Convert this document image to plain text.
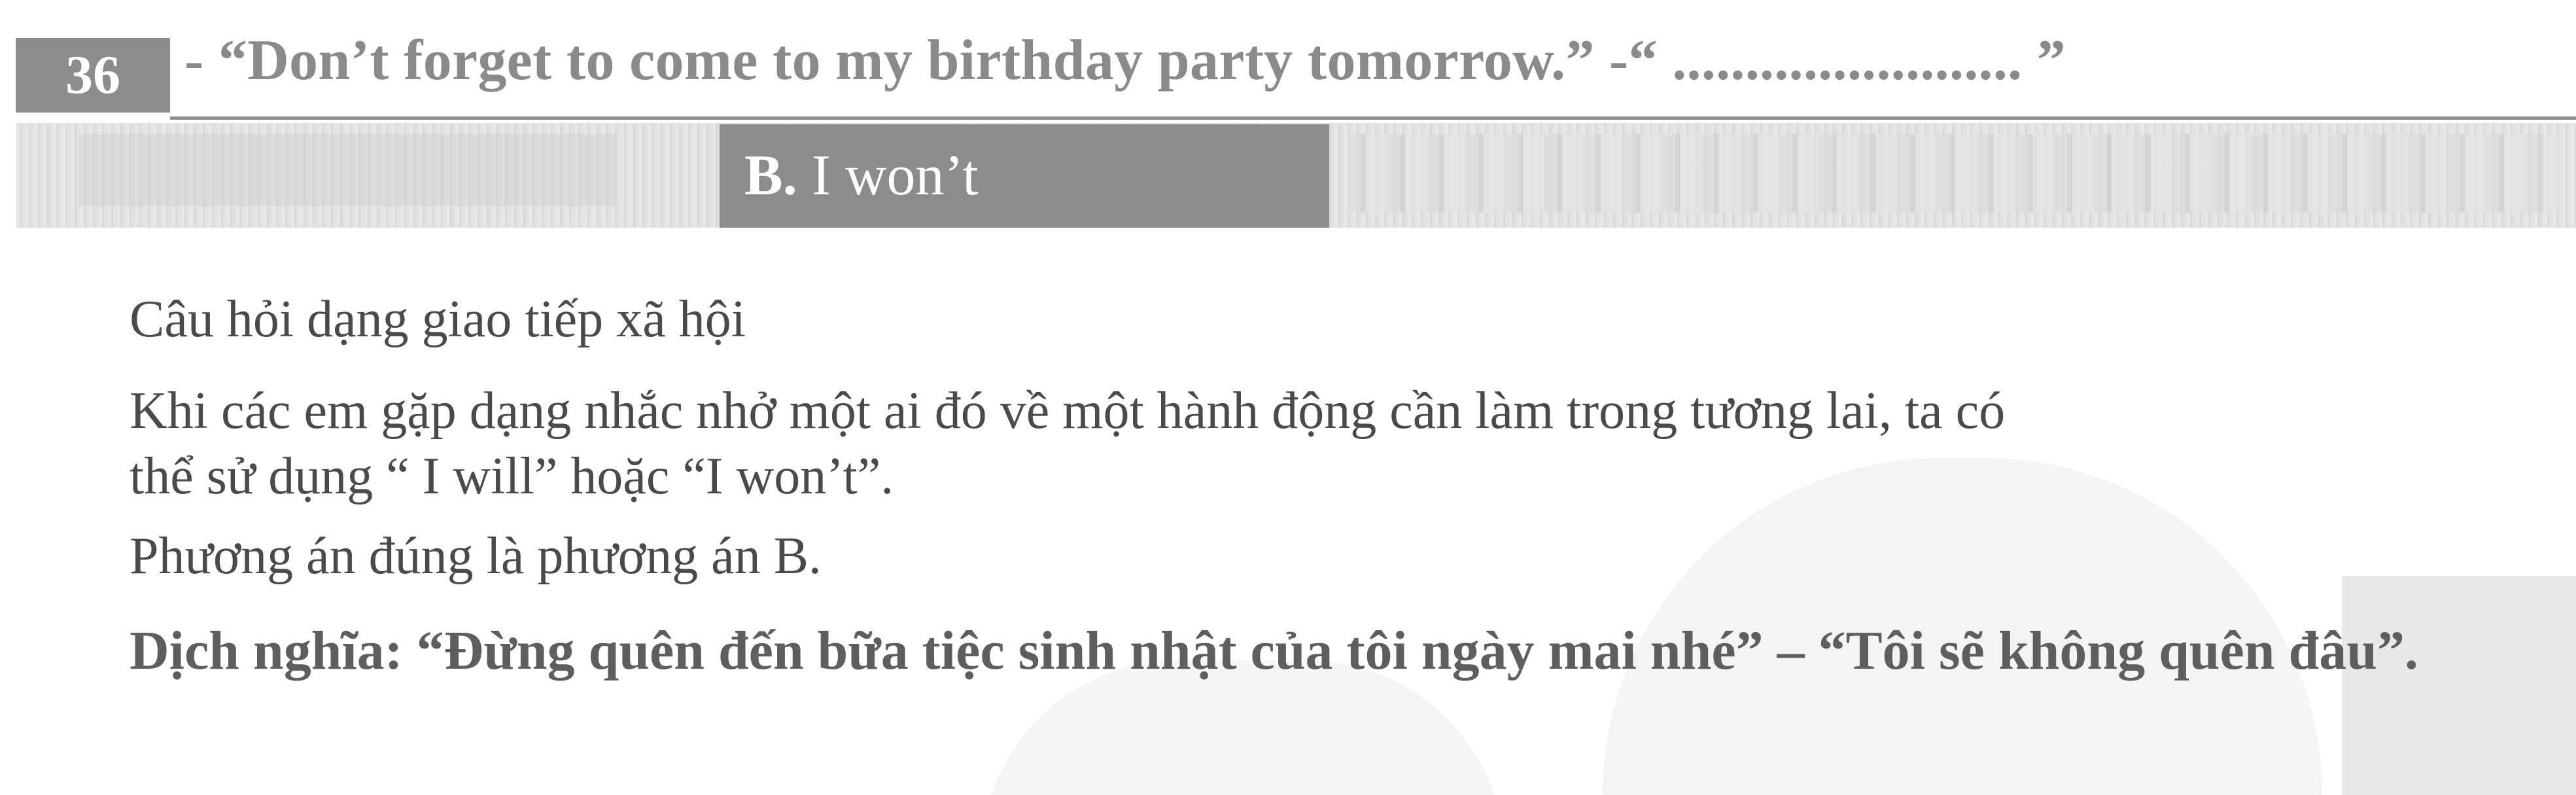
36	- “Don’t forget to come to my birthday party tomorrow.” -“ ........................ ”
B. I won’t
Câu hỏi dạng giao tiếp xã hội
Khi các em gặp dạng nhắc nhở một ai đó về một hành động cần làm trong tương lai, ta có
thể sử dụng “ I will” hoặc “I won’t”.
Phương án đúng là phương án B.
Dịch nghĩa: “Đừng quên đến bữa tiệc sinh nhật của tôi ngày mai nhé” – “Tôi sẽ không quên đâu”.
